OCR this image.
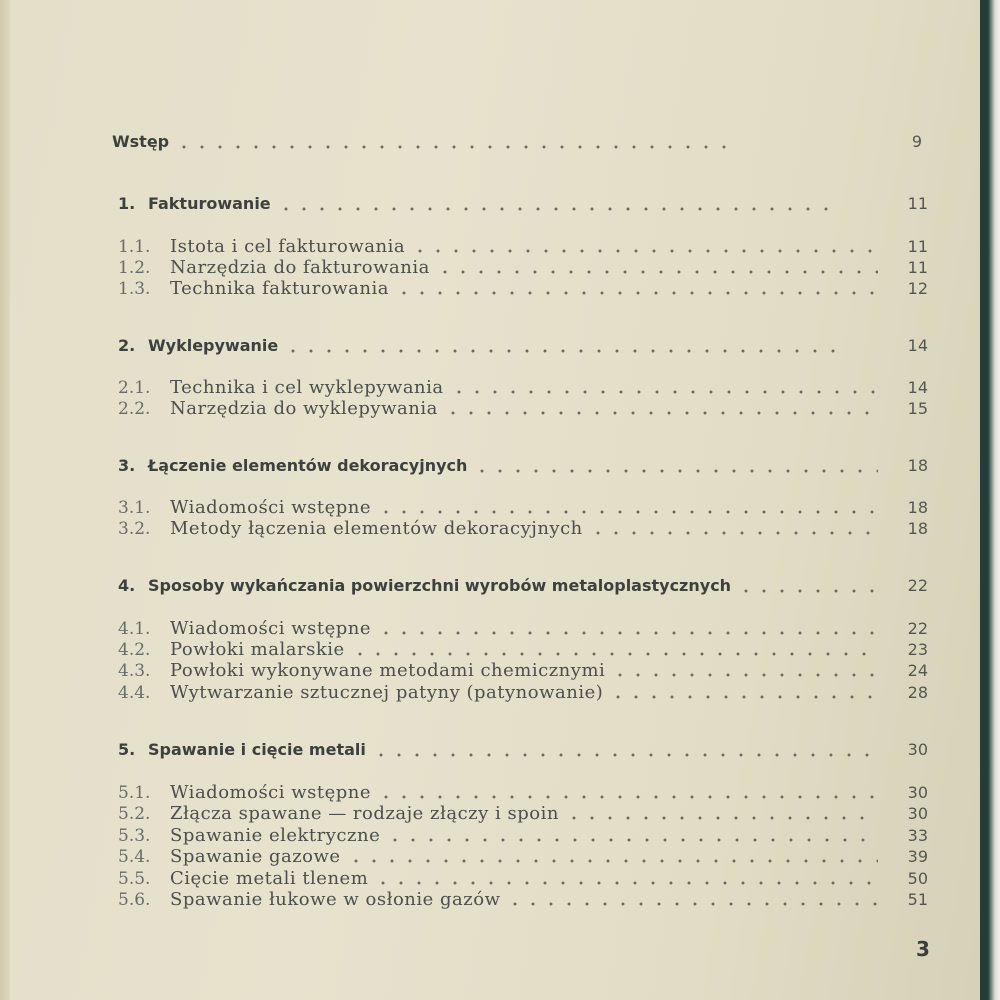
Wstęp	9
1. Fakturowanie	11
1.1.	Istota i cel fakturowania	11
1.2.	Narzędzia do fakturowania	11
1.3.	Technika fakturowania	12
2. Wyklepywanie	14
2.1.	Technika i cel wyklepywania	14
2.2.	Narzędzia do wyklepywania	15
3. Łączenie elementów dekoracyjnych	18
3.1.	Wiadomości wstępne	18
3.2.	Metody łączenia elementów dekoracyjnych	18
4. Sposoby wykańczania powierzchni wyrobów metaloplastycznych	22
4.1.	Wiadomości wstępne	22
4.2.	Powłoki malarskie	23
4.3.	Powłoki wykonywane metodami chemicznymi	24
4.4.	Wytwarzanie sztucznej patyny (patynowanie)	28
5. Spawanie i cięcie metali	30
5.1.	Wiadomości wstępne	30
5.2.	Złącza spawane — rodzaje złączy i spoin	30
5.3.	Spawanie elektryczne	33
5.4.	Spawanie gazowe	39
5.5.	Cięcie metali tlenem	50
5.6.	Spawanie łukowe w osłonie gazów	51
3
